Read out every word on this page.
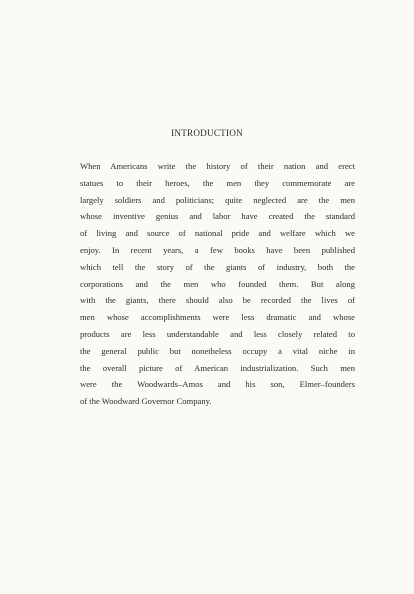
INTRODUCTION
When Americans write the history of their nation and erect
statues to their heroes, the men they commemorate are
largely soldiers and politicians; quite neglected are the men
whose inventive genius and labor have created the standard
of living and source of national pride and welfare which we
enjoy. In recent years, a few books have been published
which tell the story of the giants of industry, both the
corporations and the men who founded them. But along
with the giants, there should also be recorded the lives of
men whose accomplishments were less dramatic and whose
products are less understandable and less closely related to
the general public but nonetheless occupy a vital niche in
the overall picture of American industrialization. Such men
were the Woodwards–Amos and his son, Elmer–founders
of the Woodward Governor Company.
